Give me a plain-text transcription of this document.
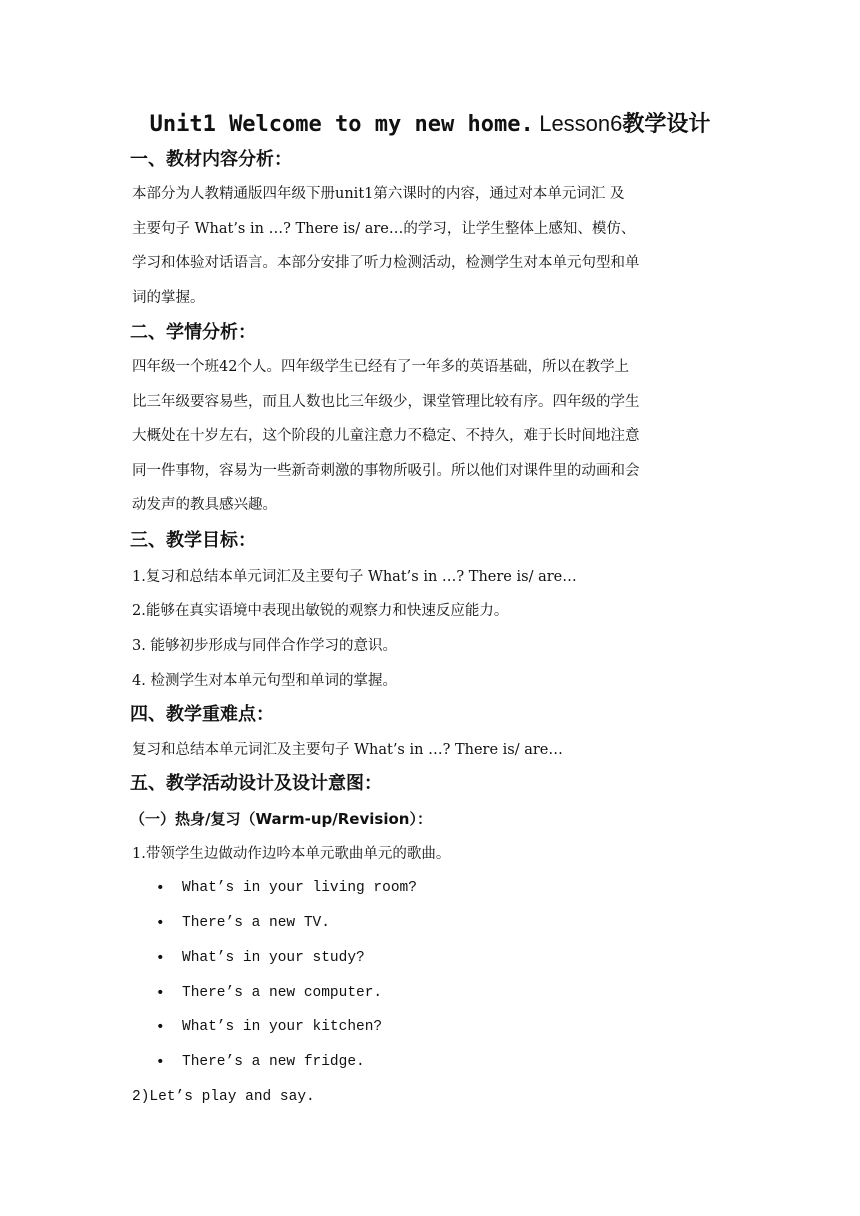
Unit1 Welcome to my new home. Lesson6教学设计
一、教材内容分析：
本部分为人教精通版四年级下册unit1第六课时的内容，通过对本单元词汇 及
主要句子 What’s in …? There is/ are…的学习，让学生整体上感知、模仿、
学习和体验对话语言。本部分安排了听力检测活动，检测学生对本单元句型和单
词的掌握。
二、学情分析：
四年级一个班42个人。四年级学生已经有了一年多的英语基础，所以在教学上
比三年级要容易些，而且人数也比三年级少，课堂管理比较有序。四年级的学生
大概处在十岁左右，这个阶段的儿童注意力不稳定、不持久，难于长时间地注意
同一件事物，容易为一些新奇刺激的事物所吸引。所以他们对课件里的动画和会
动发声的教具感兴趣。
三、教学目标：
1.复习和总结本单元词汇及主要句子 What’s in …? There is/ are…
2.能够在真实语境中表现出敏锐的观察力和快速反应能力。
3. 能够初步形成与同伴合作学习的意识。
4. 检测学生对本单元句型和单词的掌握。
四、教学重难点：
复习和总结本单元词汇及主要句子 What’s in …? There is/ are…
五、教学活动设计及设计意图：
（一）热身/复习（Warm-up/Revision）：
1.带领学生边做动作边吟本单元歌曲单元的歌曲。
• What’s in your living room?
• There’s a new TV.
• What’s in your study?
• There’s a new computer.
• What’s in your kitchen?
• There’s a new fridge.
2)Let’s play and say.
